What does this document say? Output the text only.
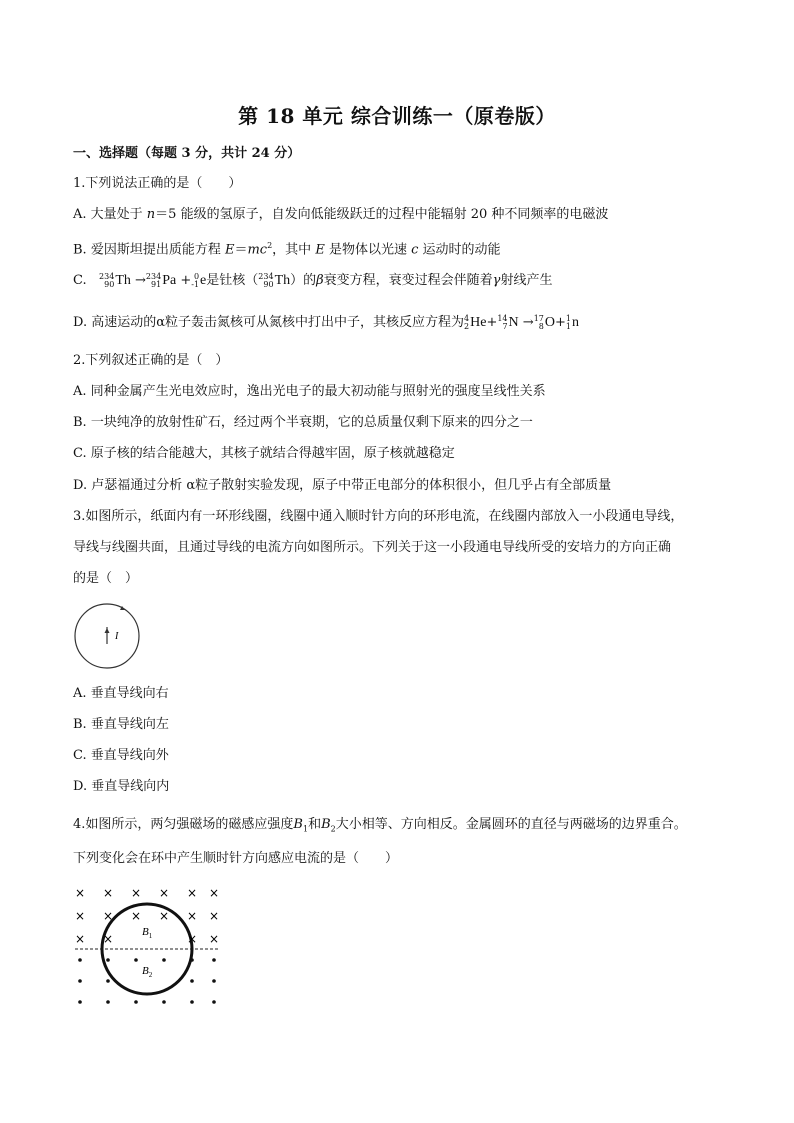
第 18 单元 综合训练一（原卷版）
一、选择题（每题 3 分，共计 24 分）
1.下列说法正确的是（　　）
A. 大量处于 n＝5 能级的氢原子，自发向低能级跃迁的过程中能辐射 20 种不同频率的电磁波
B. 爱因斯坦提出质能方程 $E=mc^2$，其中 E 是物体以光速 c 运动时的动能
C. 234
90 Th → 234
91 Pa + 0
-1 e是钍核（ 234
90 Th）的β衰变方程，衰变过程会伴随着γ射线产生
D. 高速运动的α粒子轰击氮核可从氮核中打出中子，其核反应方程为 4
2 He+ 14
7 N → 17
8 O+ 1
1 n
2.下列叙述正确的是（　）
A. 同种金属产生光电效应时，逸出光电子的最大初动能与照射光的强度呈线性关系
B. 一块纯净的放射性矿石，经过两个半衰期，它的总质量仅剩下原来的四分之一
C. 原子核的结合能越大，其核子就结合得越牢固，原子核就越稳定
D. 卢瑟福通过分析 α粒子散射实验发现，原子中带正电部分的体积很小，但几乎占有全部质量
3.如图所示，纸面内有一环形线圈，线圈中通入顺时针方向的环形电流，在线圈内部放入一小段通电导线，
导线与线圈共面，且通过导线的电流方向如图所示。下列关于这一小段通电导线所受的安培力的方向正确
的是（　）
I
A. 垂直导线向右
B. 垂直导线向左
C. 垂直导线向外
D. 垂直导线向内
4.如图所示，两匀强磁场的磁感应强度$B_1$和$B_2$大小相等、方向相反。金属圆环的直径与两磁场的边界重合。
下列变化会在环中产生顺时针方向感应电流的是（　　）
$B_1$
$B_2$
× × × × × ×
× × × × × ×
× ×	× ×
